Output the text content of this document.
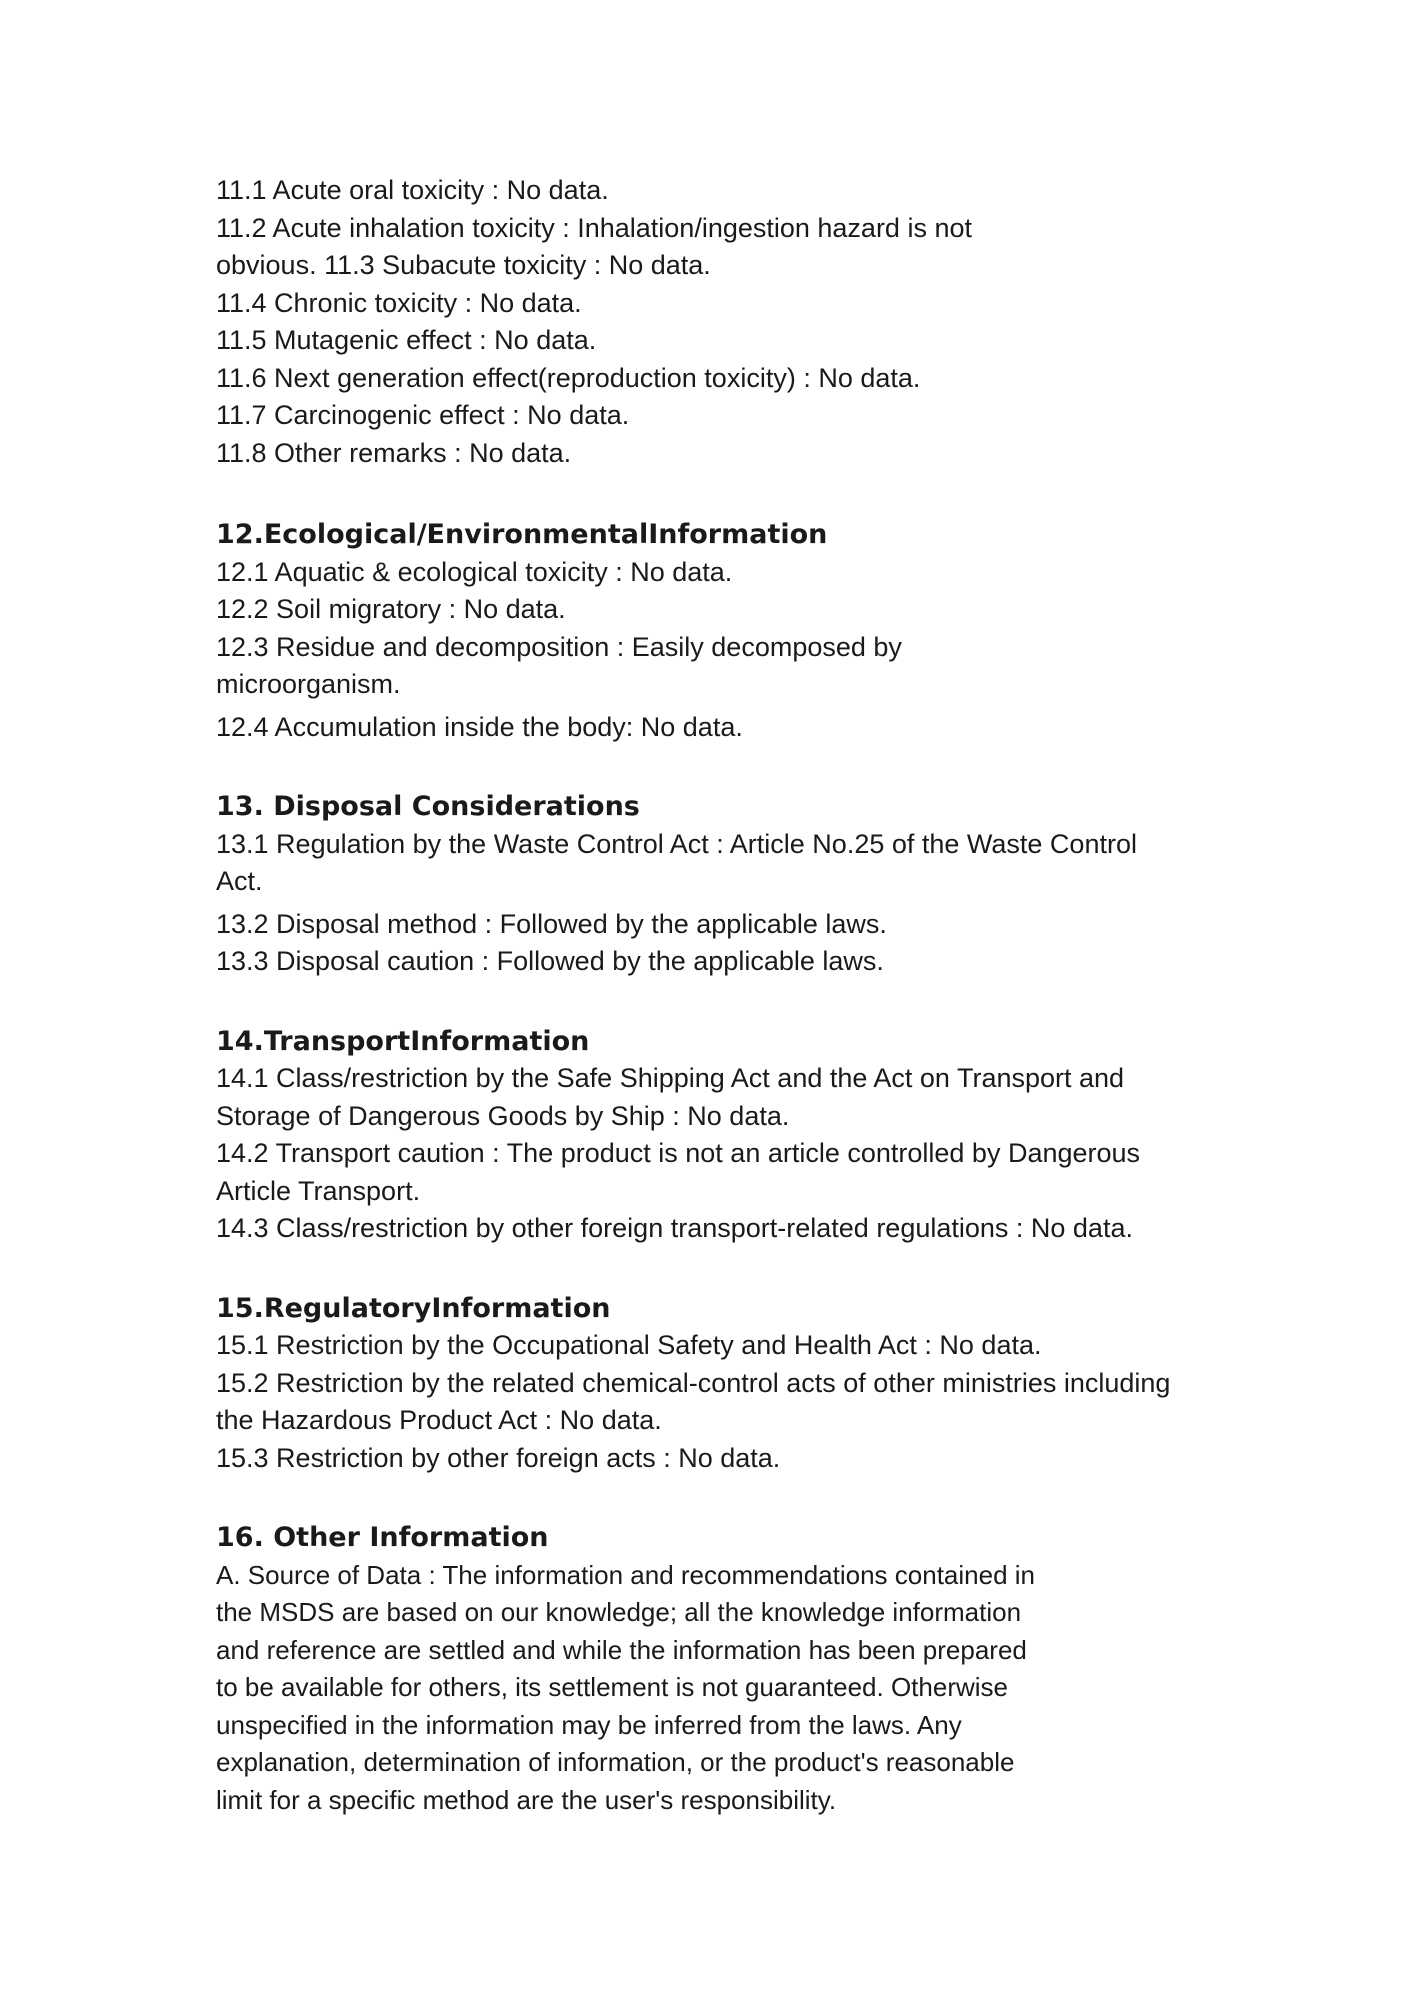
11.1 Acute oral toxicity : No data.

11.2 Acute inhalation toxicity : Inhalation/ingestion hazard is not

obvious. 11.3 Subacute toxicity : No data.

11.4 Chronic toxicity : No data.

11.5 Mutagenic effect : No data.

11.6 Next generation effect(reproduction toxicity) : No data.

11.7 Carcinogenic effect : No data.

11.8 Other remarks : No data.

12.Ecological/EnvironmentalInformation

12.1 Aquatic & ecological toxicity : No data.

12.2 Soil migratory : No data.

12.3 Residue and decomposition : Easily decomposed by

microorganism.

12.4 Accumulation inside the body: No data.

13. Disposal Considerations

13.1 Regulation by the Waste Control Act : Article No.25 of the Waste Control

Act.

13.2 Disposal method : Followed by the applicable laws.

13.3 Disposal caution : Followed by the applicable laws.

14.TransportInformation

14.1 Class/restriction by the Safe Shipping Act and the Act on Transport and

Storage of Dangerous Goods by Ship : No data.

14.2 Transport caution : The product is not an article controlled by Dangerous

Article Transport.

14.3 Class/restriction by other foreign transport-related regulations : No data.

15.RegulatoryInformation

15.1 Restriction by the Occupational Safety and Health Act : No data.

15.2 Restriction by the related chemical-control acts of other ministries including

the Hazardous Product Act : No data.

15.3 Restriction by other foreign acts : No data.

16. Other Information

A. Source of Data : The information and recommendations contained in

the MSDS are based on our knowledge; all the knowledge information

and reference are settled and while the information has been prepared

to be available for others, its settlement is not guaranteed. Otherwise

unspecified in the information may be inferred from the laws. Any

explanation, determination of information, or the product's reasonable

limit for a specific method are the user's responsibility.
